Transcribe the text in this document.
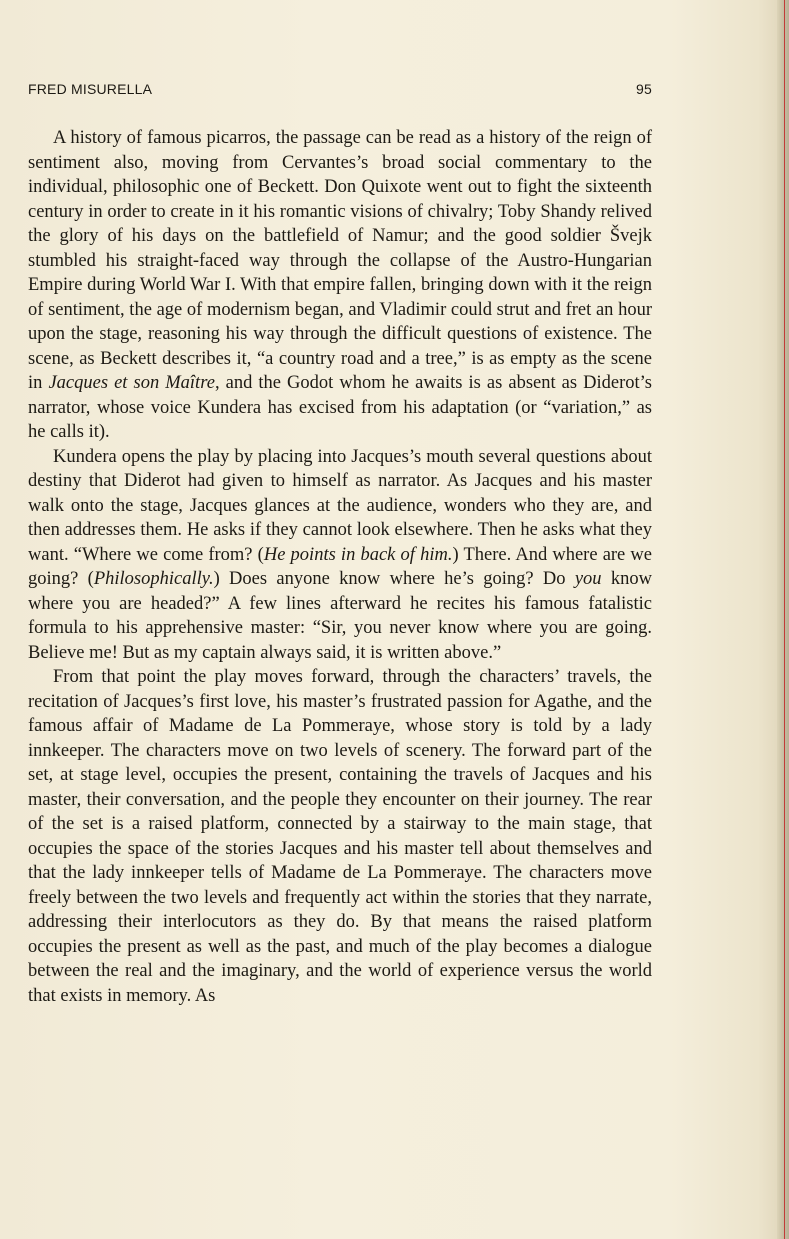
FRED MISURELLA	95

A history of famous picarros, the passage can be read as a history of the reign of sentiment also, moving from Cervantes’s broad social commentary to the individual, philosophic one of Beckett. Don Quixote went out to fight the sixteenth century in order to create in it his romantic visions of chivalry; Toby Shandy relived the glory of his days on the battlefield of Namur; and the good soldier Švejk stumbled his straight-faced way through the collapse of the Austro-Hungarian Empire during World War I. With that empire fallen, bringing down with it the reign of sentiment, the age of modernism began, and Vladimir could strut and fret an hour upon the stage, reasoning his way through the difficult questions of existence. The scene, as Beckett describes it, “a country road and a tree,” is as empty as the scene in Jacques et son Maître, and the Godot whom he awaits is as absent as Diderot’s narrator, whose voice Kundera has excised from his adaptation (or “variation,” as he calls it).

Kundera opens the play by placing into Jacques’s mouth several questions about destiny that Diderot had given to himself as narrator. As Jacques and his master walk onto the stage, Jacques glances at the audience, wonders who they are, and then addresses them. He asks if they cannot look elsewhere. Then he asks what they want. “Where we come from? (He points in back of him.) There. And where are we going? (Philosophically.) Does anyone know where he’s going? Do you know where you are headed?” A few lines afterward he recites his famous fatalistic formula to his apprehensive master: “Sir, you never know where you are going. Believe me! But as my captain always said, it is written above.”

From that point the play moves forward, through the characters’ travels, the recitation of Jacques’s first love, his master’s frustrated passion for Agathe, and the famous affair of Madame de La Pommeraye, whose story is told by a lady innkeeper. The characters move on two levels of scenery. The forward part of the set, at stage level, occupies the present, containing the travels of Jacques and his master, their conversation, and the people they encounter on their journey. The rear of the set is a raised platform, connected by a stairway to the main stage, that occupies the space of the stories Jacques and his master tell about themselves and that the lady innkeeper tells of Madame de La Pommeraye. The characters move freely between the two levels and frequently act within the stories that they narrate, addressing their interlocutors as they do. By that means the raised platform occupies the present as well as the past, and much of the play becomes a dialogue between the real and the imaginary, and the world of experience versus the world that exists in memory. As
